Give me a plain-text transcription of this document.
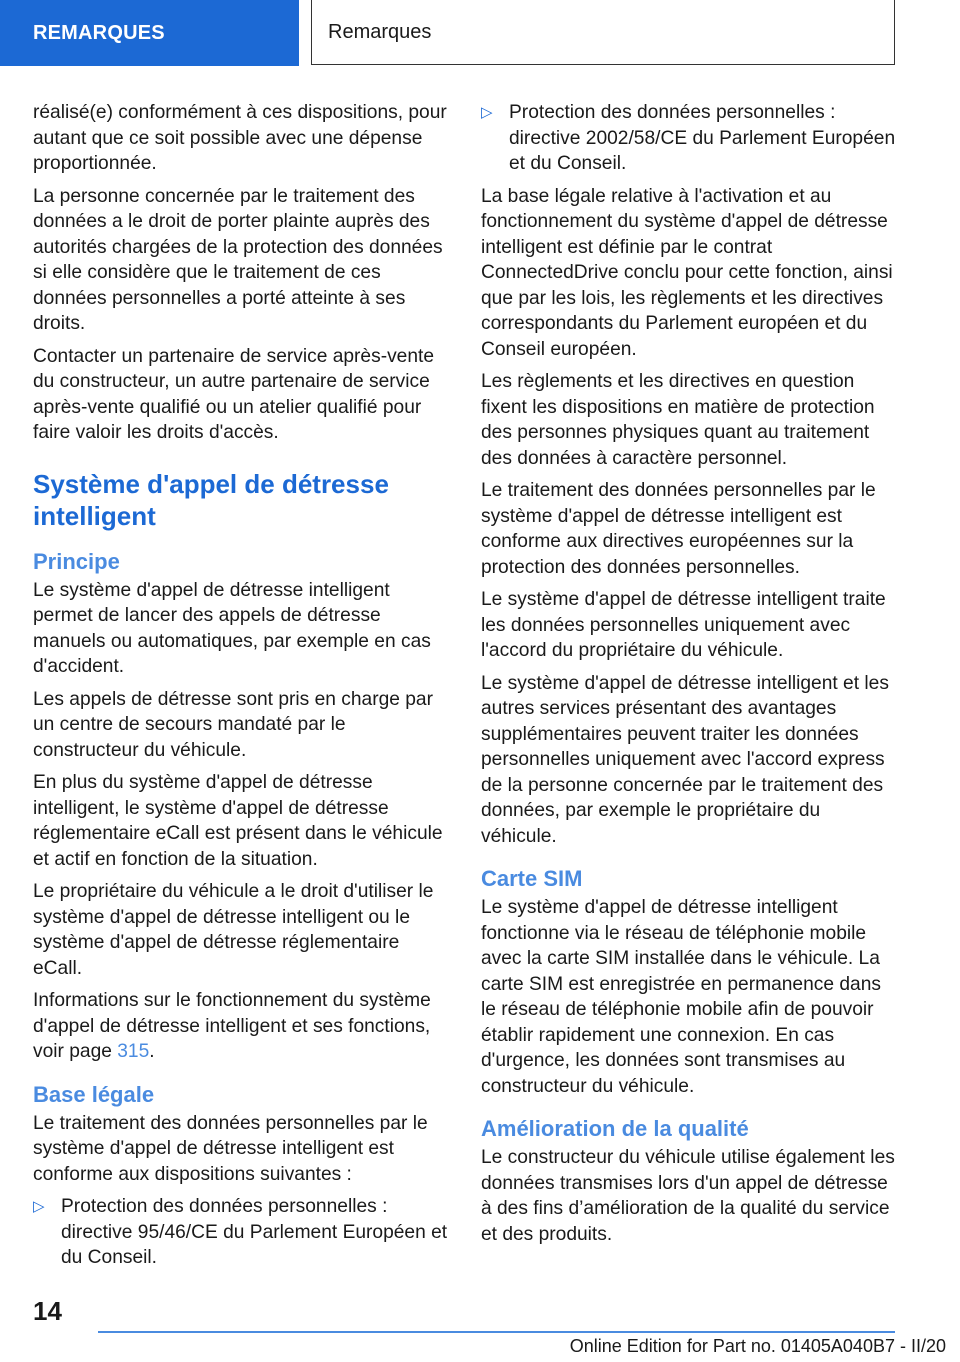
REMARQUES	Remarques

réalisé(e) conformément à ces dispositions, pour autant que ce soit possible avec une dépense proportionnée.

La personne concernée par le traitement des données a le droit de porter plainte auprès des autorités chargées de la protection des données si elle considère que le traitement de ces données personnelles a porté atteinte à ses droits.

Contacter un partenaire de service après-vente du constructeur, un autre partenaire de service après-vente qualifié ou un atelier qualifié pour faire valoir les droits d'accès.

Système d'appel de détresse intelligent
Principe

Le système d'appel de détresse intelligent permet de lancer des appels de détresse manuels ou automatiques, par exemple en cas d'accident.

Les appels de détresse sont pris en charge par un centre de secours mandaté par le constructeur du véhicule.

En plus du système d'appel de détresse intelligent, le système d'appel de détresse réglementaire eCall est présent dans le véhicule et actif en fonction de la situation.

Le propriétaire du véhicule a le droit d'utiliser le système d'appel de détresse intelligent ou le système d'appel de détresse réglementaire eCall.

Informations sur le fonctionnement du système d'appel de détresse intelligent et ses fonctions, voir page 315.

Base légale

Le traitement des données personnelles par le système d'appel de détresse intelligent est conforme aux dispositions suivantes :

▷ Protection des données personnelles : directive 95/46/CE du Parlement Européen et du Conseil.
▷ Protection des données personnelles : directive 2002/58/CE du Parlement Européen et du Conseil.

La base légale relative à l'activation et au fonctionnement du système d'appel de détresse intelligent est définie par le contrat ConnectedDrive conclu pour cette fonction, ainsi que par les lois, les règlements et les directives correspondants du Parlement européen et du Conseil européen.

Les règlements et les directives en question fixent les dispositions en matière de protection des personnes physiques quant au traitement des données à caractère personnel.

Le traitement des données personnelles par le système d'appel de détresse intelligent est conforme aux directives européennes sur la protection des données personnelles.

Le système d'appel de détresse intelligent traite les données personnelles uniquement avec l'accord du propriétaire du véhicule.

Le système d'appel de détresse intelligent et les autres services présentant des avantages supplémentaires peuvent traiter les données personnelles uniquement avec l'accord express de la personne concernée par le traitement des données, par exemple le propriétaire du véhicule.

Carte SIM

Le système d'appel de détresse intelligent fonctionne via le réseau de téléphonie mobile avec la carte SIM installée dans le véhicule. La carte SIM est enregistrée en permanence dans le réseau de téléphonie mobile afin de pouvoir établir rapidement une connexion. En cas d'urgence, les données sont transmises au constructeur du véhicule.

Amélioration de la qualité

Le constructeur du véhicule utilise également les données transmises lors d'un appel de détresse à des fins d’amélioration de la qualité du service et des produits.

14
Online Edition for Part no. 01405A040B7 - II/20
